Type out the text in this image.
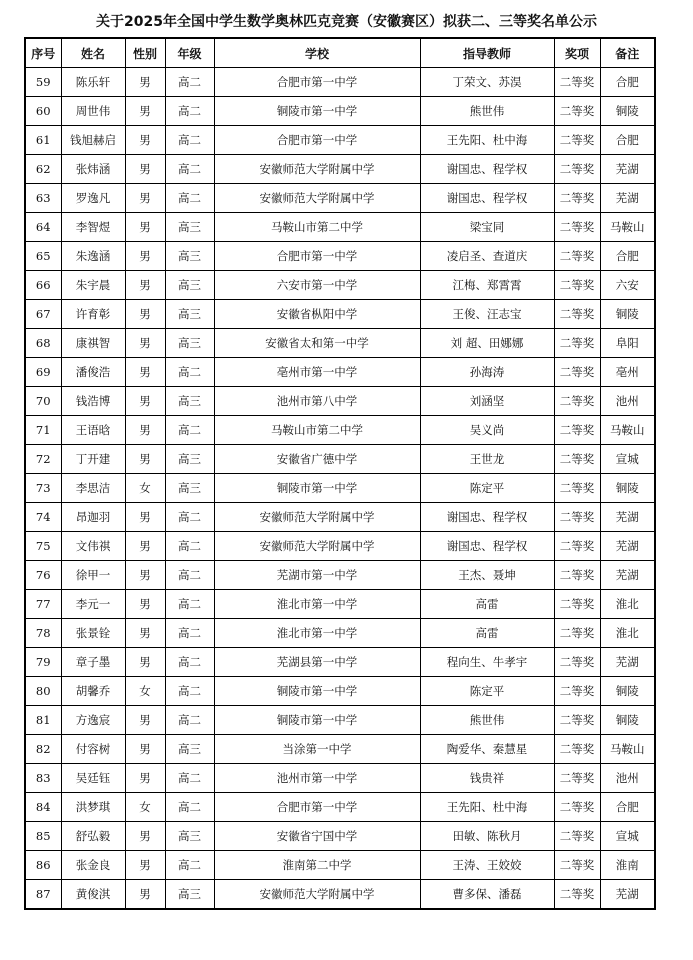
关于2025年全国中学生数学奥林匹克竞赛（安徽赛区）拟获二、三等奖名单公示
序号	姓名	性别	年级	学校	指导教师	奖项	备注
59	陈乐轩	男	高二	合肥市第一中学	丁荣文、苏淏	二等奖	合肥
60	周世伟	男	高二	铜陵市第一中学	熊世伟	二等奖	铜陵
61	钱旭赫启	男	高二	合肥市第一中学	王先阳、杜中海	二等奖	合肥
62	张炜涵	男	高二	安徽师范大学附属中学	谢国忠、程学权	二等奖	芜湖
63	罗逸凡	男	高二	安徽师范大学附属中学	谢国忠、程学权	二等奖	芜湖
64	李智煜	男	高三	马鞍山市第二中学	梁宝同	二等奖	马鞍山
65	朱逸涵	男	高三	合肥市第一中学	凌启圣、查道庆	二等奖	合肥
66	朱宇晨	男	高三	六安市第一中学	江梅、郑霄霄	二等奖	六安
67	许育彰	男	高三	安徽省枞阳中学	王俊、汪志宝	二等奖	铜陵
68	康祺智	男	高三	安徽省太和第一中学	刘 超、田娜娜	二等奖	阜阳
69	潘俊浩	男	高二	亳州市第一中学	孙海涛	二等奖	亳州
70	钱浩博	男	高三	池州市第八中学	刘涵坚	二等奖	池州
71	王语晗	男	高二	马鞍山市第二中学	吴义尚	二等奖	马鞍山
72	丁开建	男	高三	安徽省广德中学	王世龙	二等奖	宣城
73	李思洁	女	高三	铜陵市第一中学	陈定平	二等奖	铜陵
74	昂迦羽	男	高二	安徽师范大学附属中学	谢国忠、程学权	二等奖	芜湖
75	文伟祺	男	高二	安徽师范大学附属中学	谢国忠、程学权	二等奖	芜湖
76	徐甲一	男	高二	芜湖市第一中学	王杰、聂坤	二等奖	芜湖
77	李元一	男	高二	淮北市第一中学	高雷	二等奖	淮北
78	张景铨	男	高二	淮北市第一中学	高雷	二等奖	淮北
79	章子墨	男	高二	芜湖县第一中学	程向生、牛孝宇	二等奖	芜湖
80	胡馨乔	女	高二	铜陵市第一中学	陈定平	二等奖	铜陵
81	方逸宸	男	高二	铜陵市第一中学	熊世伟	二等奖	铜陵
82	付容树	男	高三	当涂第一中学	陶爱华、秦慧星	二等奖	马鞍山
83	吴廷钰	男	高二	池州市第一中学	钱贵祥	二等奖	池州
84	洪梦琪	女	高二	合肥市第一中学	王先阳、杜中海	二等奖	合肥
85	舒弘毅	男	高三	安徽省宁国中学	田敏、陈秋月	二等奖	宣城
86	张金良	男	高二	淮南第二中学	王涛、王姣姣	二等奖	淮南
87	黄俊淇	男	高三	安徽师范大学附属中学	曹多保、潘磊	二等奖	芜湖
